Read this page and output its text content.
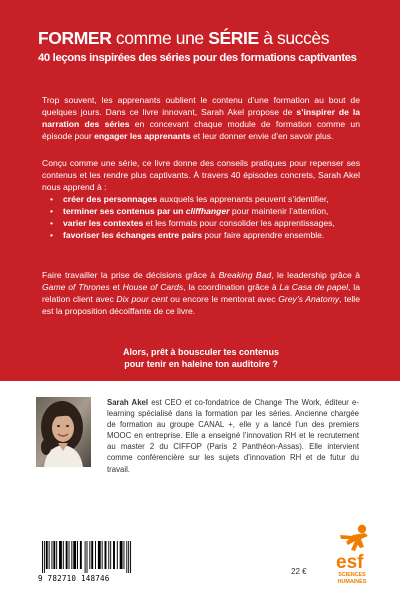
FORMER comme une SÉRIE à succès
40 leçons inspirées des séries pour des formations captivantes
Trop souvent, les apprenants oublient le contenu d’une formation au bout de quelques jours. Dans ce livre innovant, Sarah Akel propose de s’inspirer de la narration des séries en concevant chaque module de formation comme un épisode pour engager les apprenants et leur donner envie d’en savoir plus.
Conçu comme une série, ce livre donne des conseils pratiques pour repenser ses contenus et les rendre plus captivants. À travers 40 épisodes concrets, Sarah Akel nous apprend à :
• créer des personnages auxquels les apprenants peuvent s’identifier,
• terminer ses contenus par un cliffhanger pour maintenir l’attention,
• varier les contextes et les formats pour consolider les apprentissages,
• favoriser les échanges entre pairs pour faire apprendre ensemble.
Faire travailler la prise de décisions grâce à Breaking Bad, le leadership grâce à Game of Thrones et House of Cards, la coordination grâce à La Casa de papel, la relation client avec Dix pour cent ou encore le mentorat avec Grey’s Anatomy, telle est la proposition décoiffante de ce livre.
Alors, prêt à bousculer tes contenus
pour tenir en haleine ton auditoire ?
Sarah Akel est CEO et co-fondatrice de Change The Work, éditeur e-learning spécialisé dans la formation par les séries. Ancienne chargée de formation au groupe CANAL +, elle y a lancé l’un des premiers MOOC en entreprise. Elle a enseigné l’innovation RH et le recrutement au master 2 du CIFFOP (Paris 2 Panthéon-Assas). Elle intervient comme conférencière sur les sujets d’innovation RH et de futur du travail.
9 782710 148746
22 € esf
SCIENCES
HUMAINES
